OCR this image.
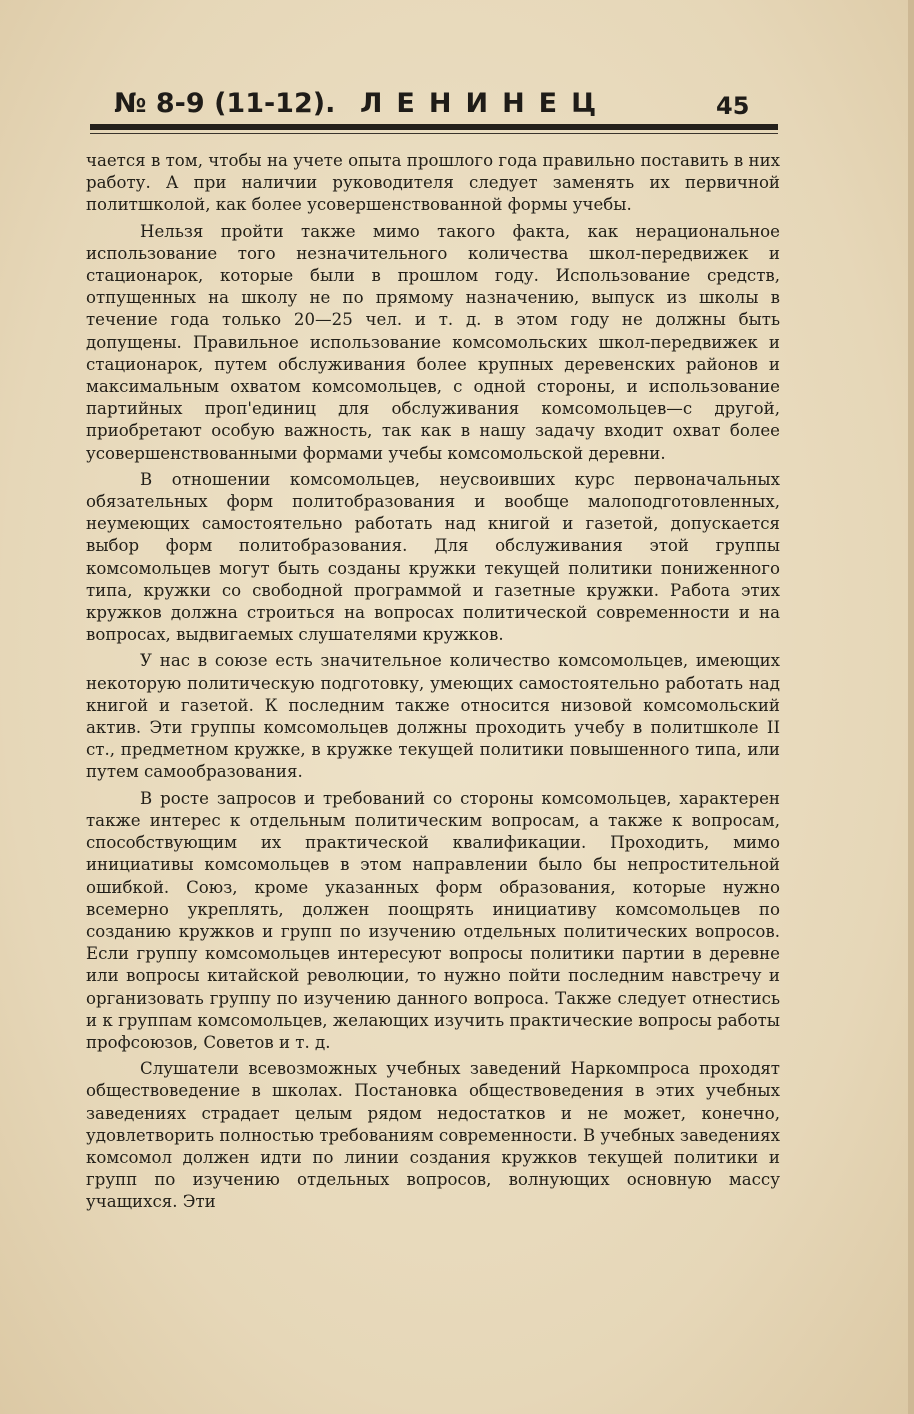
№ 8-9 (11-12). ЛЕНИНЕЦ	45

чается в том, чтобы на учете опыта прошлого года правильно поставить в них работу. А при наличии руководителя следует заменять их первичной политшколой, как более усовершенствованной формы учебы.

Нельзя пройти также мимо такого факта, как нерациональное использование того незначительного количества школ-передвижек и стационарок, которые были в прошлом году. Использование средств, отпущенных на школу не по прямому назначению, выпуск из школы в течение года только 20—25 чел. и т. д. в этом году не должны быть допущены. Правильное использование комсомольских школ-передвижек и стационарок, путем обслуживания более крупных деревенских районов и максимальным охватом комсомольцев, с одной стороны, и использование партийных проп'единиц для обслуживания комсомольцев—с другой, приобретают особую важность, так как в нашу задачу входит охват более усовершенствованными формами учебы комсомольской деревни.

В отношении комсомольцев, неусвоивших курс первоначальных обязательных форм политобразования и вообще малоподготовленных, неумеющих самостоятельно работать над книгой и газетой, допускается выбор форм политобразования. Для обслуживания этой группы комсомольцев могут быть созданы кружки текущей политики пониженного типа, кружки со свободной программой и газетные кружки. Работа этих кружков должна строиться на вопросах политической современности и на вопросах, выдвигаемых слушателями кружков.

У нас в союзе есть значительное количество комсомольцев, имеющих некоторую политическую подготовку, умеющих самостоятельно работать над книгой и газетой. К последним также относится низовой комсомольский актив. Эти группы комсомольцев должны проходить учебу в политшколе II ст., предметном кружке, в кружке текущей политики повышенного типа, или путем самообразования.

В росте запросов и требований со стороны комсомольцев, характерен также интерес к отдельным политическим вопросам, а также к вопросам, способствующим их практической квалификации. Проходить, мимо инициативы комсомольцев в этом направлении было бы непростительной ошибкой. Союз, кроме указанных форм образования, которые нужно всемерно укреплять, должен поощрять инициативу комсомольцев по созданию кружков и групп по изучению отдельных политических вопросов. Если группу комсомольцев интересуют вопросы политики партии в деревне или вопросы китайской революции, то нужно пойти последним навстречу и организовать группу по изучению данного вопроса. Также следует отнестись и к группам комсомольцев, желающих изучить практические вопросы работы профсоюзов, Советов и т. д.

Слушатели всевозможных учебных заведений Наркомпроса проходят обществоведение в школах. Постановка обществоведения в этих учебных заведениях страдает целым рядом недостатков и не может, конечно, удовлетворить полностью требованиям современности. В учебных заведениях комсомол должен идти по линии создания кружков текущей политики и групп по изучению отдельных вопросов, волнующих основную массу учащихся. Эти
